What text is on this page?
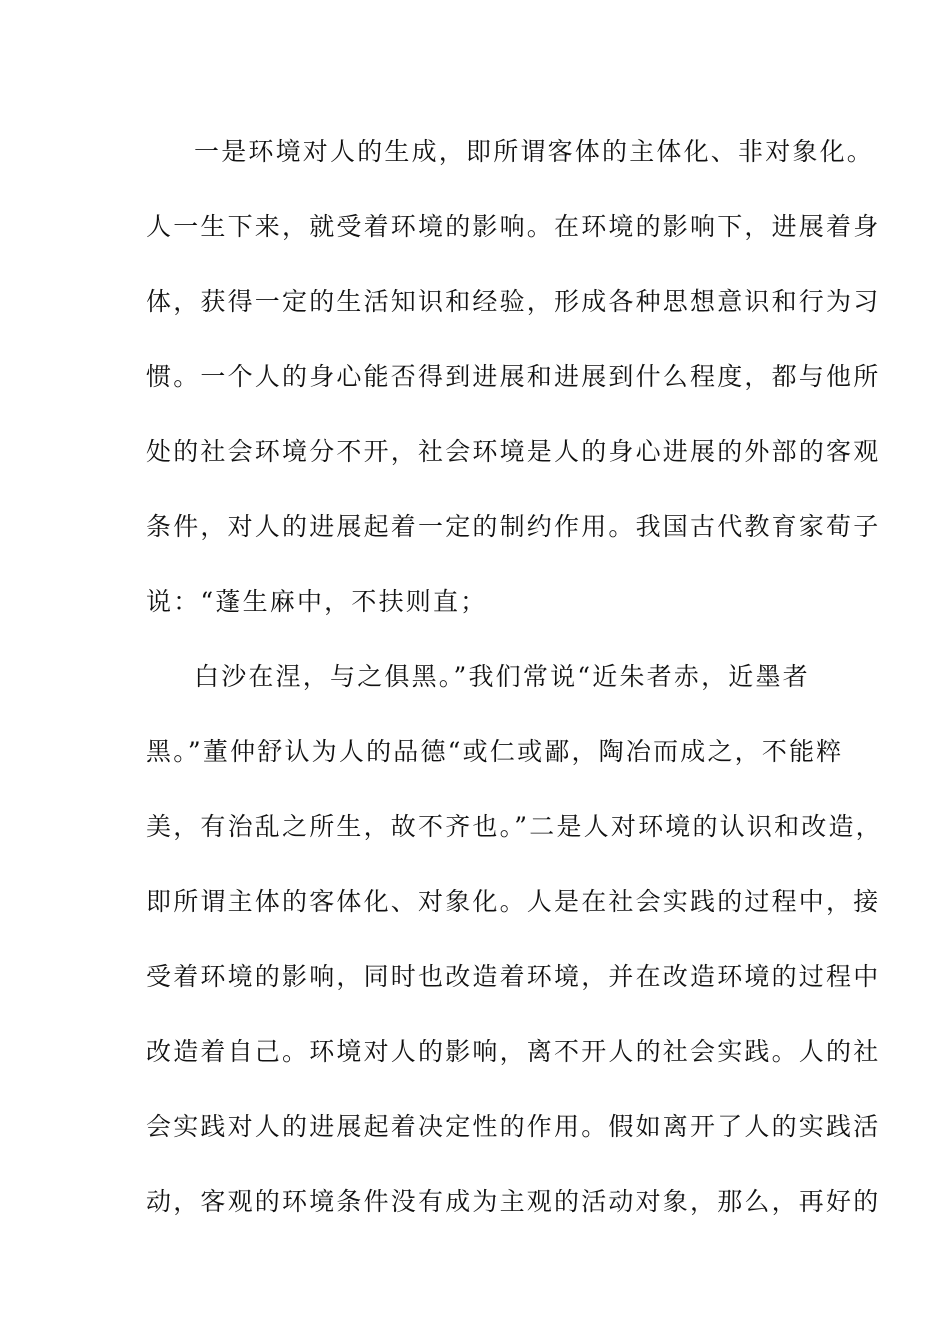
一是环境对人的生成，即所谓客体的主体化、非对象化。
人一生下来，就受着环境的影响。在环境的影响下，进展着身
体，获得一定的生活知识和经验，形成各种思想意识和行为习
惯。一个人的身心能否得到进展和进展到什么程度，都与他所
处的社会环境分不开，社会环境是人的身心进展的外部的客观
条件，对人的进展起着一定的制约作用。我国古代教育家荀子
说：“蓬生麻中，不扶则直；
白沙在涅，与之俱黑。”我们常说“近朱者赤，近墨者
黑。”董仲舒认为人的品德“或仁或鄙，陶冶而成之，不能粹
美，有治乱之所生，故不齐也。”二是人对环境的认识和改造，
即所谓主体的客体化、对象化。人是在社会实践的过程中，接
受着环境的影响，同时也改造着环境，并在改造环境的过程中
改造着自己。环境对人的影响，离不开人的社会实践。人的社
会实践对人的进展起着决定性的作用。假如离开了人的实践活
动，客观的环境条件没有成为主观的活动对象，那么，再好的
